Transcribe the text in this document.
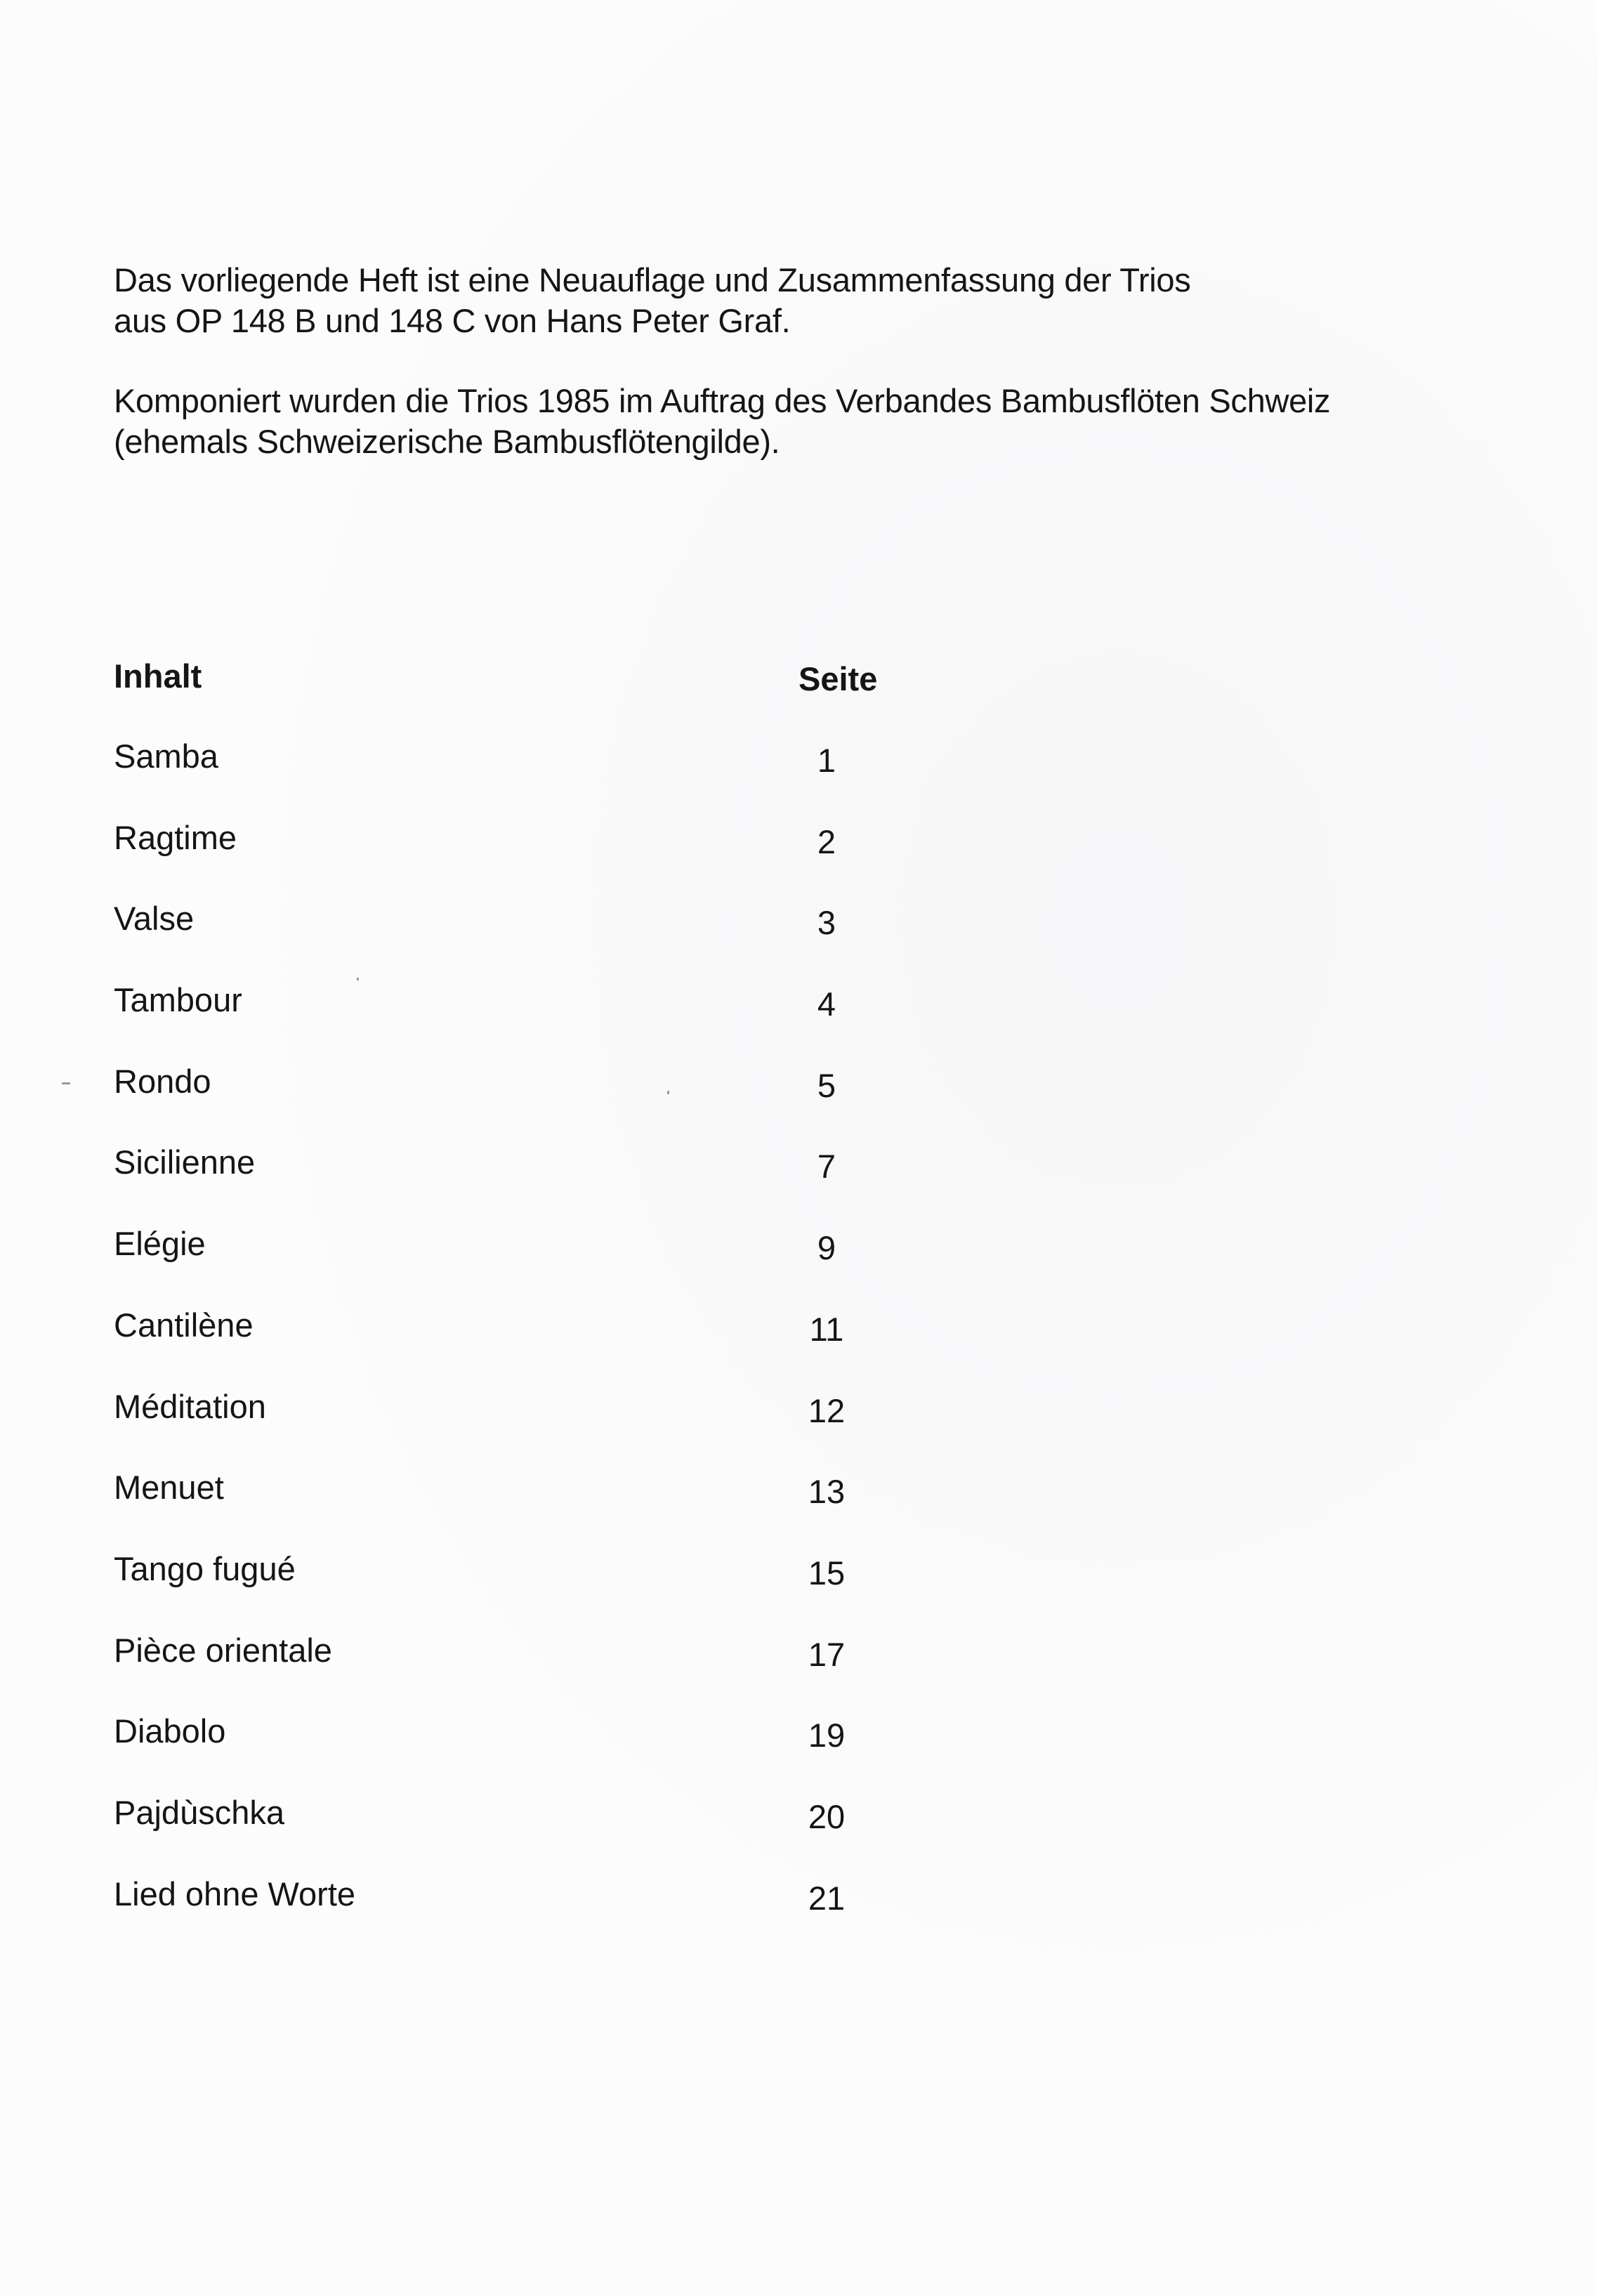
Das vorliegende Heft ist eine Neuauflage und Zusammenfassung der Trios
aus OP 148 B und 148 C von Hans Peter Graf.

Komponiert wurden die Trios 1985 im Auftrag des Verbandes Bambusflöten Schweiz
(ehemals Schweizerische Bambusflötengilde).

Inhalt	Seite
Samba	1
Ragtime	2
Valse	3
Tambour	4
Rondo	5
Sicilienne	7
Elégie	9
Cantilène	11
Méditation	12
Menuet	13
Tango fugué	15
Pièce orientale	17
Diabolo	19
Pajdùschka	20
Lied ohne Worte	21
